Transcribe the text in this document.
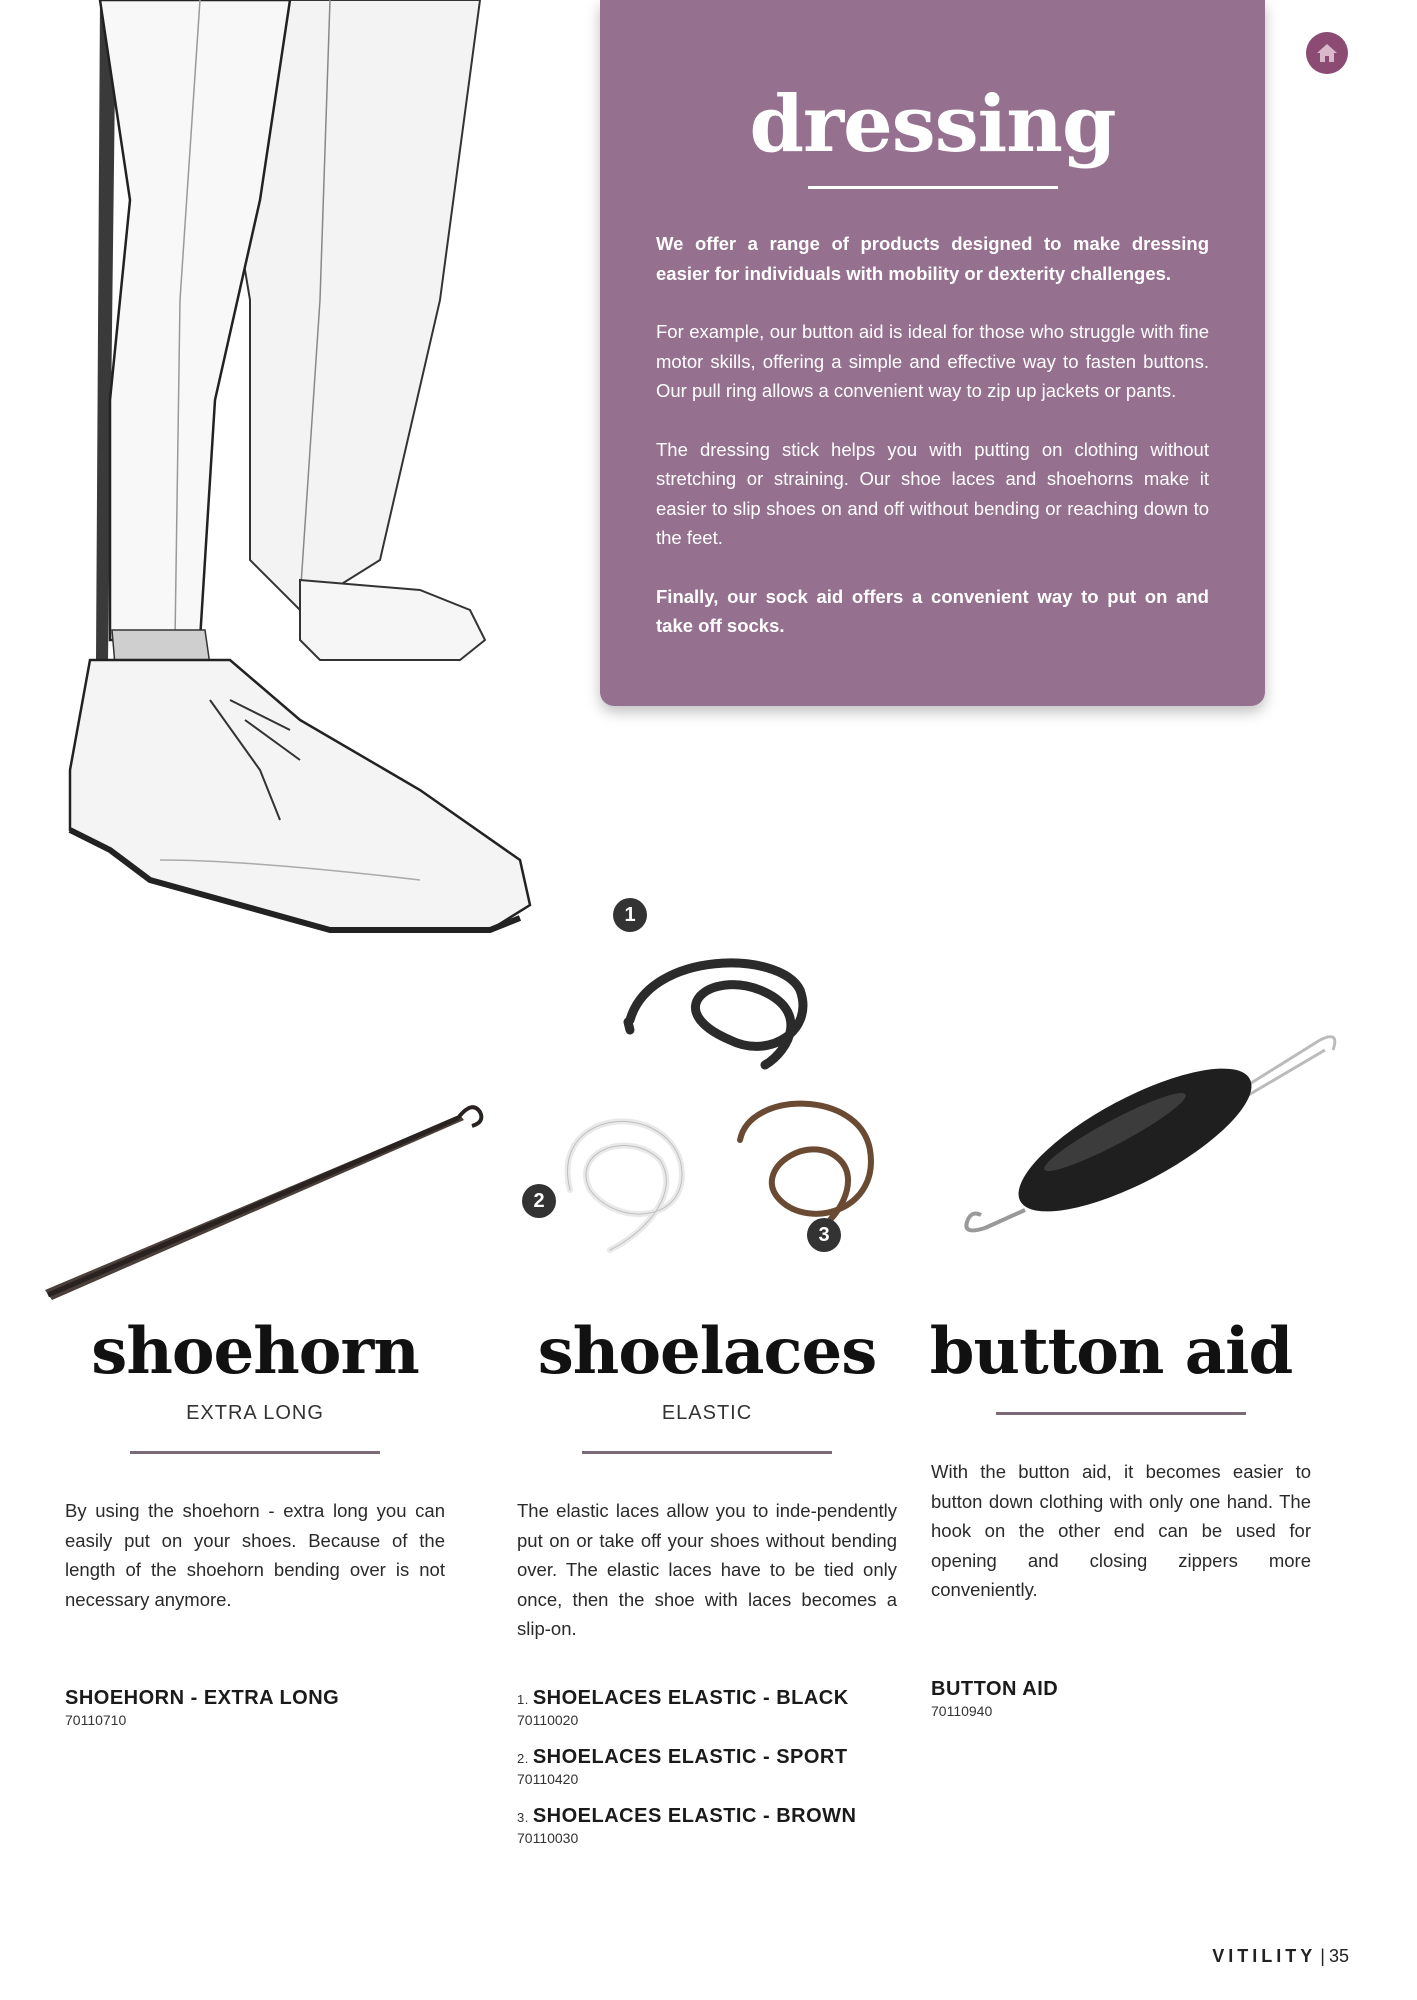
1
2
3
dressing

We offer a range of products designed to make dressing easier for individuals with mobility or dexterity challenges.

For example, our button aid is ideal for those who struggle with fine motor skills, offering a simple and effective way to fasten buttons. Our pull ring allows a convenient way to zip up jackets or pants.

The dressing stick helps you with putting on clothing without stretching or straining. Our shoe laces and shoehorns make it easier to slip shoes on and off without bending or reaching down to the feet.

Finally, our sock aid offers a convenient way to put on and take off socks.

shoehorn
EXTRA LONG

By using the shoehorn - extra long you can easily put on your shoes. Because of the length of the shoehorn bending over is not necessary anymore.

SHOEHORN - EXTRA LONG
70110710
shoelaces
ELASTIC

The elastic laces allow you to inde-pendently put on or take off your shoes without bending over. The elastic laces have to be tied only once, then the shoe with laces becomes a slip-on.

1. SHOELACES ELASTIC - BLACK
70110020
2. SHOELACES ELASTIC - SPORT
70110420
3. SHOELACES ELASTIC - BROWN
70110030
button aid

With the button aid, it becomes easier to button down clothing with only one hand. The hook on the other end can be used for opening and closing zippers more conveniently.

BUTTON AID
70110940
VITILITY | 35
